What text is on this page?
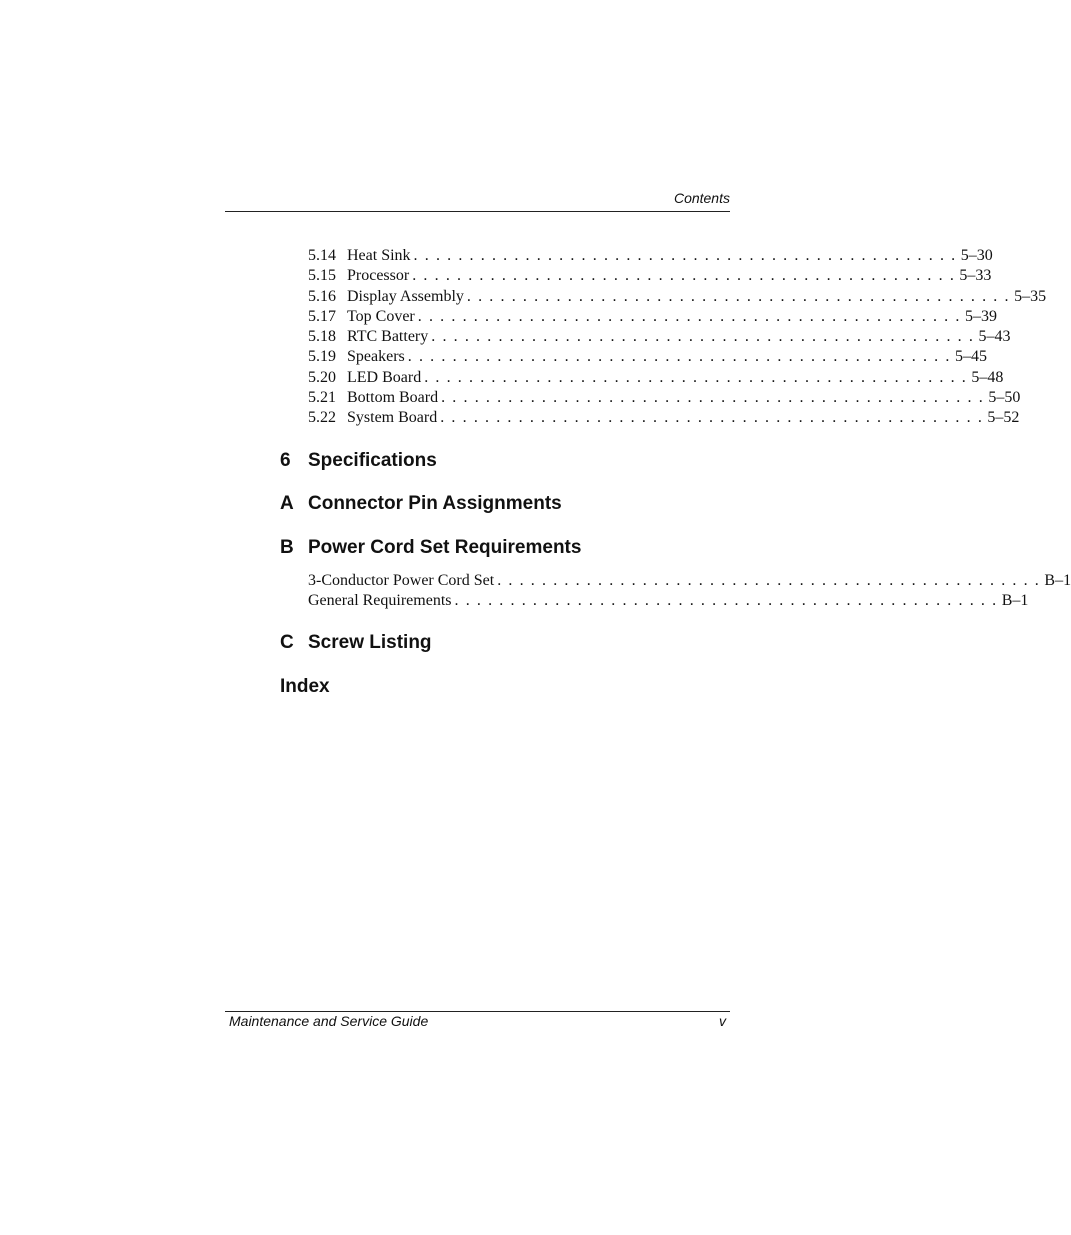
Contents
5.14 Heat Sink . . . . . . . . . . . . . . . . . . . . . . . . . . . . . . . . . . . . . . . . . . . . . . . . . 5–30
5.15 Processor . . . . . . . . . . . . . . . . . . . . . . . . . . . . . . . . . . . . . . . . . . . . . . . . . 5–33
5.16 Display Assembly . . . . . . . . . . . . . . . . . . . . . . . . . . . . . . . . . . . . . . . . . . . . . . . . . 5–35
5.17 Top Cover . . . . . . . . . . . . . . . . . . . . . . . . . . . . . . . . . . . . . . . . . . . . . . . . . 5–39
5.18 RTC Battery . . . . . . . . . . . . . . . . . . . . . . . . . . . . . . . . . . . . . . . . . . . . . . . . . 5–43
5.19 Speakers . . . . . . . . . . . . . . . . . . . . . . . . . . . . . . . . . . . . . . . . . . . . . . . . . 5–45
5.20 LED Board . . . . . . . . . . . . . . . . . . . . . . . . . . . . . . . . . . . . . . . . . . . . . . . . . 5–48
5.21 Bottom Board . . . . . . . . . . . . . . . . . . . . . . . . . . . . . . . . . . . . . . . . . . . . . . . . . 5–50
5.22 System Board . . . . . . . . . . . . . . . . . . . . . . . . . . . . . . . . . . . . . . . . . . . . . . . . . 5–52
6 Specifications
A Connector Pin Assignments
B Power Cord Set Requirements
3-Conductor Power Cord Set . . . . . . . . . . . . . . . . . . . . . . . . . . . . . . . . . . . . . . . . . . . . . . . . . B–1
General Requirements . . . . . . . . . . . . . . . . . . . . . . . . . . . . . . . . . . . . . . . . . . . . . . . . . B–1
C Screw Listing
Index
Maintenance and Service Guide	v
